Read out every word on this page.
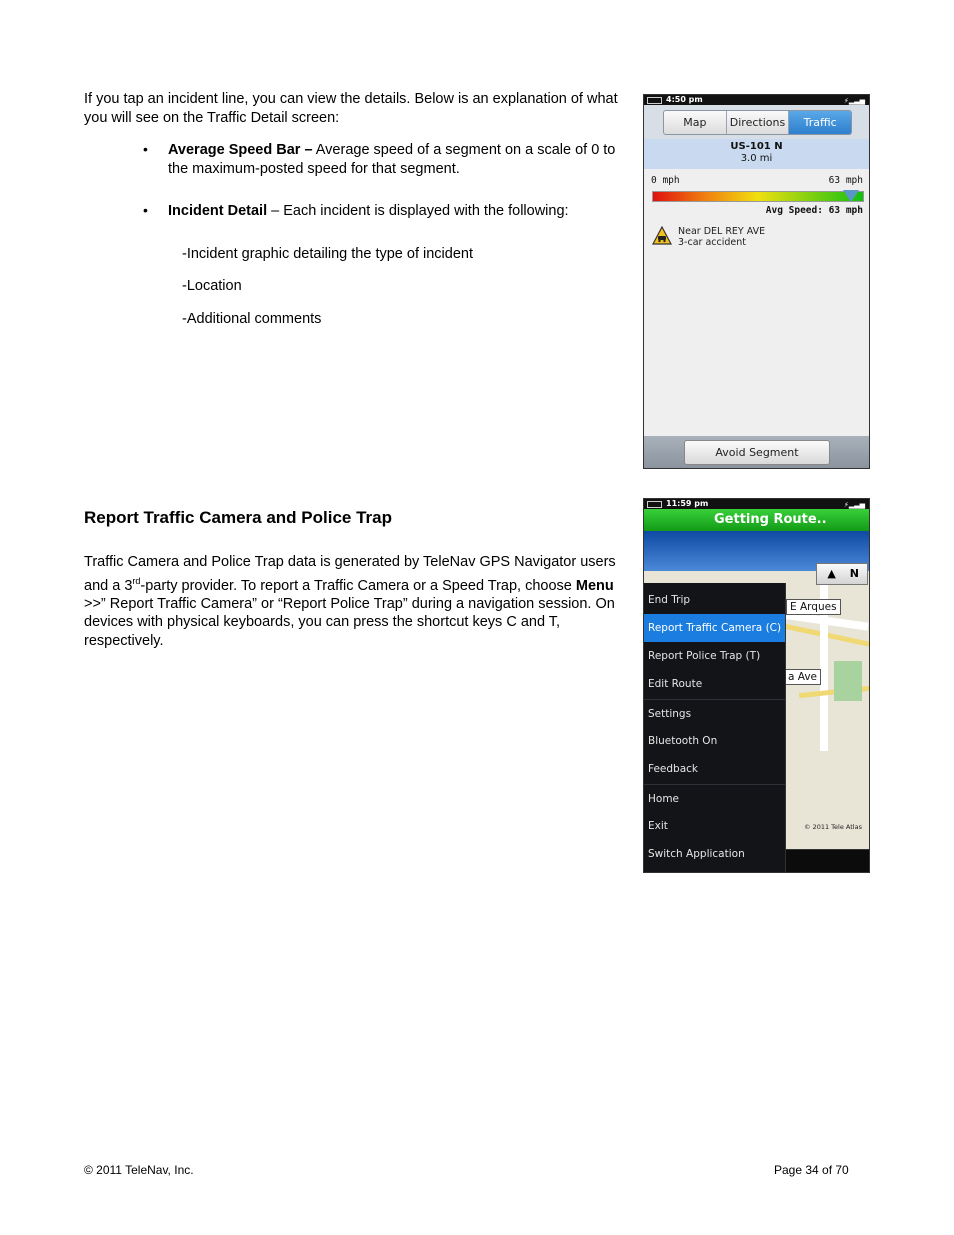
If you tap an incident line, you can view the details. Below is an explanation of what you will see on the Traffic Detail screen:
• Average Speed Bar – Average speed of a segment on a scale of 0 to the maximum-posted speed for that segment.
• Incident Detail – Each incident is displayed with the following:
-Incident graphic detailing the type of incident
-Location
-Additional comments
Report Traffic Camera and Police Trap
Traffic Camera and Police Trap data is generated by TeleNav GPS Navigator users and a 3rd-party provider. To report a Traffic Camera or a Speed Trap, choose Menu >>” Report Traffic Camera” or “Report Police Trap” during a navigation session. On devices with physical keyboards, you can press the shortcut keys C and T, respectively.
4:50 pm	⚡▂▃▅
Map	Directions	Traffic
US-101 N
3.0 mi
0 mph	63 mph
Avg Speed: 63 mph
Near DEL REY AVE
3-car accident
Avoid Segment
11:59 pm	⚡▂▃▅
Getting Route..
E Arques
a Ave
▲ N
© 2011 Tele Atlas
End Trip
Report Traffic Camera (C)
Report Police Trap (T)
Edit Route
Settings
Bluetooth On
Feedback
Home
Exit
Switch Application
© 2011 TeleNav, Inc.	Page 34 of 70
